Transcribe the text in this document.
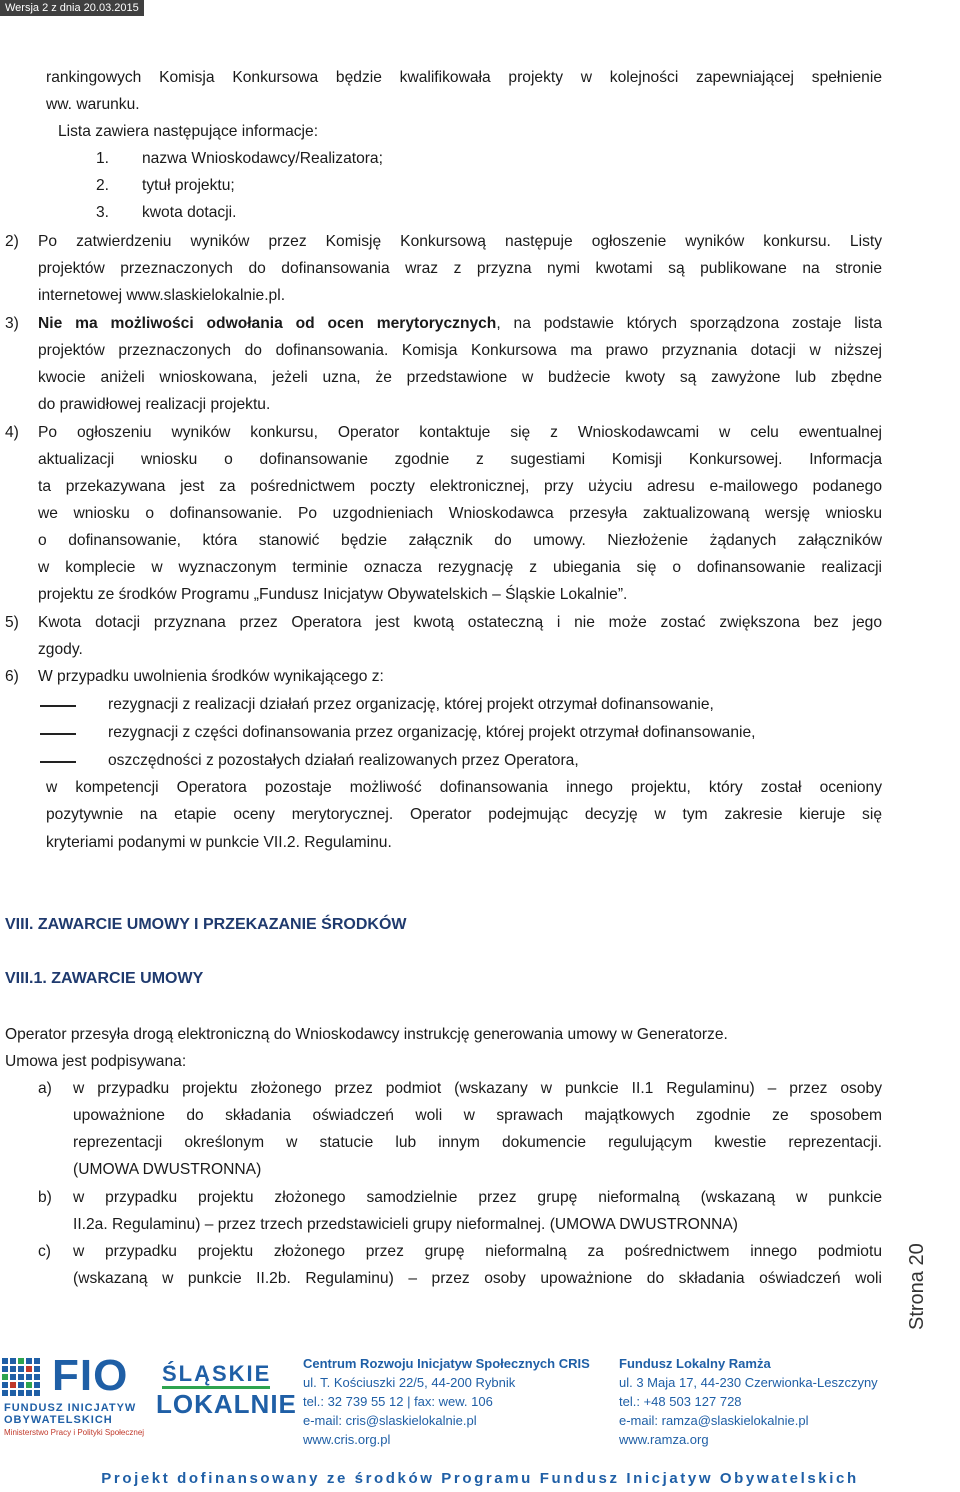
Wersja 2 z dnia 20.03.2015
rankingowych Komisja Konkursowa będzie kwalifikowała projekty w kolejności zapewniającej spełnienie
ww. warunku.
Lista zawiera następujące informacje:
1. nazwa Wnioskodawcy/Realizatora;
2. tytuł projektu;
3. kwota dotacji.
2) Po zatwierdzeniu wyników przez Komisję Konkursową następuje ogłoszenie wyników konkursu. Listy
projektów przeznaczonych do dofinansowania wraz z przyzna nymi kwotami są publikowane na stronie
internetowej www.slaskielokalnie.pl.
3) Nie ma możliwości odwołania od ocen merytorycznych, na podstawie których sporządzona zostaje lista
projektów przeznaczonych do dofinansowania. Komisja Konkursowa ma prawo przyznania dotacji w niższej
kwocie aniżeli wnioskowana, jeżeli uzna, że przedstawione w budżecie kwoty są zawyżone lub zbędne
do prawidłowej realizacji projektu.
4) Po ogłoszeniu wyników konkursu, Operator kontaktuje się z Wnioskodawcami w celu ewentualnej
aktualizacji wniosku o dofinansowanie zgodnie z sugestiami Komisji Konkursowej. Informacja
ta przekazywana jest za pośrednictwem poczty elektronicznej, przy użyciu adresu e-mailowego podanego
we wniosku o dofinansowanie. Po uzgodnieniach Wnioskodawca przesyła zaktualizowaną wersję wniosku
o dofinansowanie, która stanowić będzie załącznik do umowy. Niezłożenie żądanych załączników
w komplecie w wyznaczonym terminie oznacza rezygnację z ubiegania się o dofinansowanie realizacji
projektu ze środków Programu „Fundusz Inicjatyw Obywatelskich – Śląskie Lokalnie”.
5) Kwota dotacji przyznana przez Operatora jest kwotą ostateczną i nie może zostać zwiększona bez jego
zgody.
6) W przypadku uwolnienia środków wynikającego z:
rezygnacji z realizacji działań przez organizację, której projekt otrzymał dofinansowanie,
rezygnacji z części dofinansowania przez organizację, której projekt otrzymał dofinansowanie,
oszczędności z pozostałych działań realizowanych przez Operatora,
w kompetencji Operatora pozostaje możliwość dofinansowania innego projektu, który został oceniony
pozytywnie na etapie oceny merytorycznej. Operator podejmując decyzję w tym zakresie kieruje się
kryteriami podanymi w punkcie VII.2. Regulaminu.
VIII. ZAWARCIE UMOWY I PRZEKAZANIE ŚRODKÓW
VIII.1. ZAWARCIE UMOWY
Operator przesyła drogą elektroniczną do Wnioskodawcy instrukcję generowania umowy w Generatorze.
Umowa jest podpisywana:
a) w przypadku projektu złożonego przez podmiot (wskazany w punkcie II.1 Regulaminu) – przez osoby
upoważnione do składania oświadczeń woli w sprawach majątkowych zgodnie ze sposobem
reprezentacji określonym w statucie lub innym dokumencie regulującym kwestie reprezentacji.
(UMOWA DWUSTRONNA)
b) w przypadku projektu złożonego samodzielnie przez grupę nieformalną (wskazaną w punkcie
II.2a. Regulaminu) – przez trzech przedstawicieli grupy nieformalnej. (UMOWA DWUSTRONNA)
c) w przypadku projektu złożonego przez grupę nieformalną za pośrednictwem innego podmiotu
(wskazaną w punkcie II.2b. Regulaminu) – przez osoby upoważnione do składania oświadczeń woli Strona 20
FIO
FUNDUSZ INICJATYW
OBYWATELSKICH
Ministerstwo Pracy i Polityki Społecznej
ŚLĄSKIE
LOKALNIE
Centrum Rozwoju Inicjatyw Społecznych CRIS
ul. T. Kościuszki 22/5, 44-200 Rybnik
tel.: 32 739 55 12 | fax: wew. 106
e-mail: cris@slaskielokalnie.pl
www.cris.org.pl
Fundusz Lokalny Ramża
ul. 3 Maja 17, 44-230 Czerwionka-Leszczyny
tel.: +48 503 127 728
e-mail: ramza@slaskielokalnie.pl
www.ramza.org
Projekt dofinansowany ze środków Programu Fundusz Inicjatyw Obywatelskich
